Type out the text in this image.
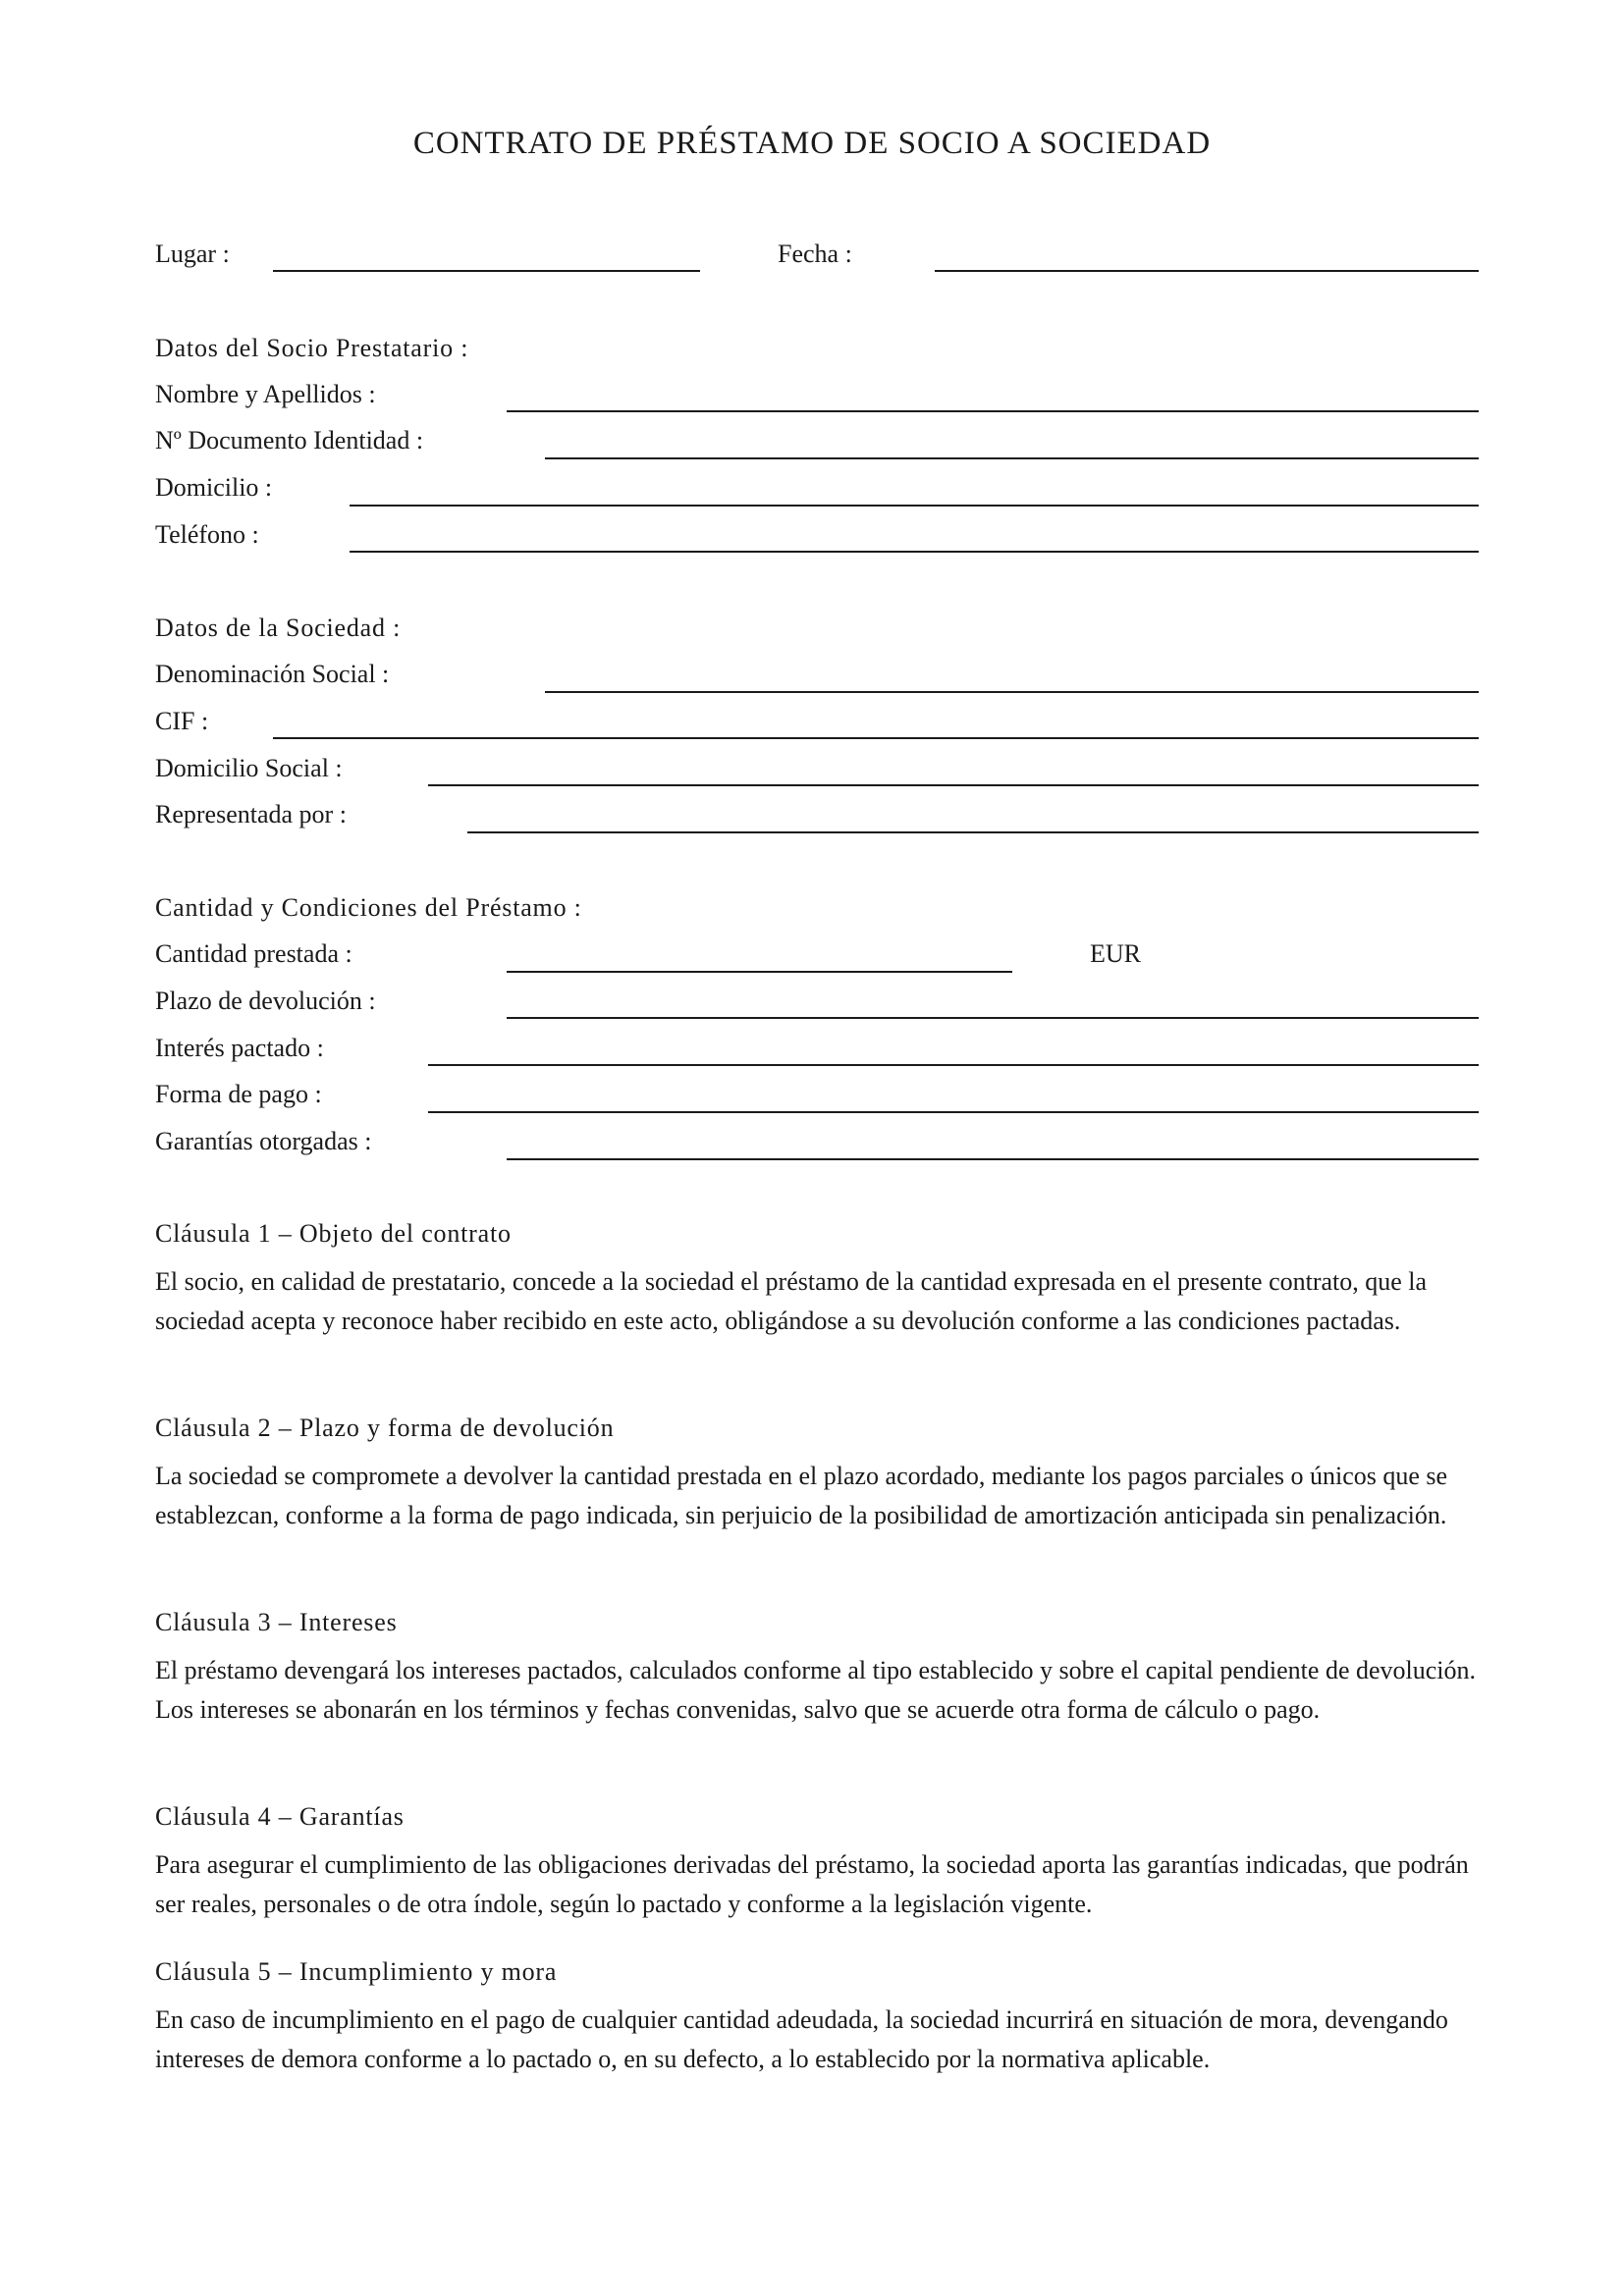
CONTRATO DE PRÉSTAMO DE SOCIO A SOCIEDAD
Lugar :	Fecha :
Datos del Socio Prestatario :
Nombre y Apellidos :
Nº Documento Identidad :
Domicilio :
Teléfono :
Datos de la Sociedad :
Denominación Social :
CIF :
Domicilio Social :
Representada por :
Cantidad y Condiciones del Préstamo :
Cantidad prestada :	EUR
Plazo de devolución :
Interés pactado :
Forma de pago :
Garantías otorgadas :
Cláusula 1 – Objeto del contrato

El socio, en calidad de prestatario, concede a la sociedad el préstamo de la cantidad expresada en el presente contrato, que la sociedad acepta y reconoce haber recibido en este acto, obligándose a su devolución conforme a las condiciones pactadas.

Cláusula 2 – Plazo y forma de devolución

La sociedad se compromete a devolver la cantidad prestada en el plazo acordado, mediante los pagos parciales o únicos que se establezcan, conforme a la forma de pago indicada, sin perjuicio de la posibilidad de amortización anticipada sin penalización.

Cláusula 3 – Intereses

El préstamo devengará los intereses pactados, calculados conforme al tipo establecido y sobre el capital pendiente de devolución. Los intereses se abonarán en los términos y fechas convenidas, salvo que se acuerde otra forma de cálculo o pago.

Cláusula 4 – Garantías

Para asegurar el cumplimiento de las obligaciones derivadas del préstamo, la sociedad aporta las garantías indicadas, que podrán ser reales, personales o de otra índole, según lo pactado y conforme a la legislación vigente.

Cláusula 5 – Incumplimiento y mora

En caso de incumplimiento en el pago de cualquier cantidad adeudada, la sociedad incurrirá en situación de mora, devengando intereses de demora conforme a lo pactado o, en su defecto, a lo establecido por la normativa aplicable.
